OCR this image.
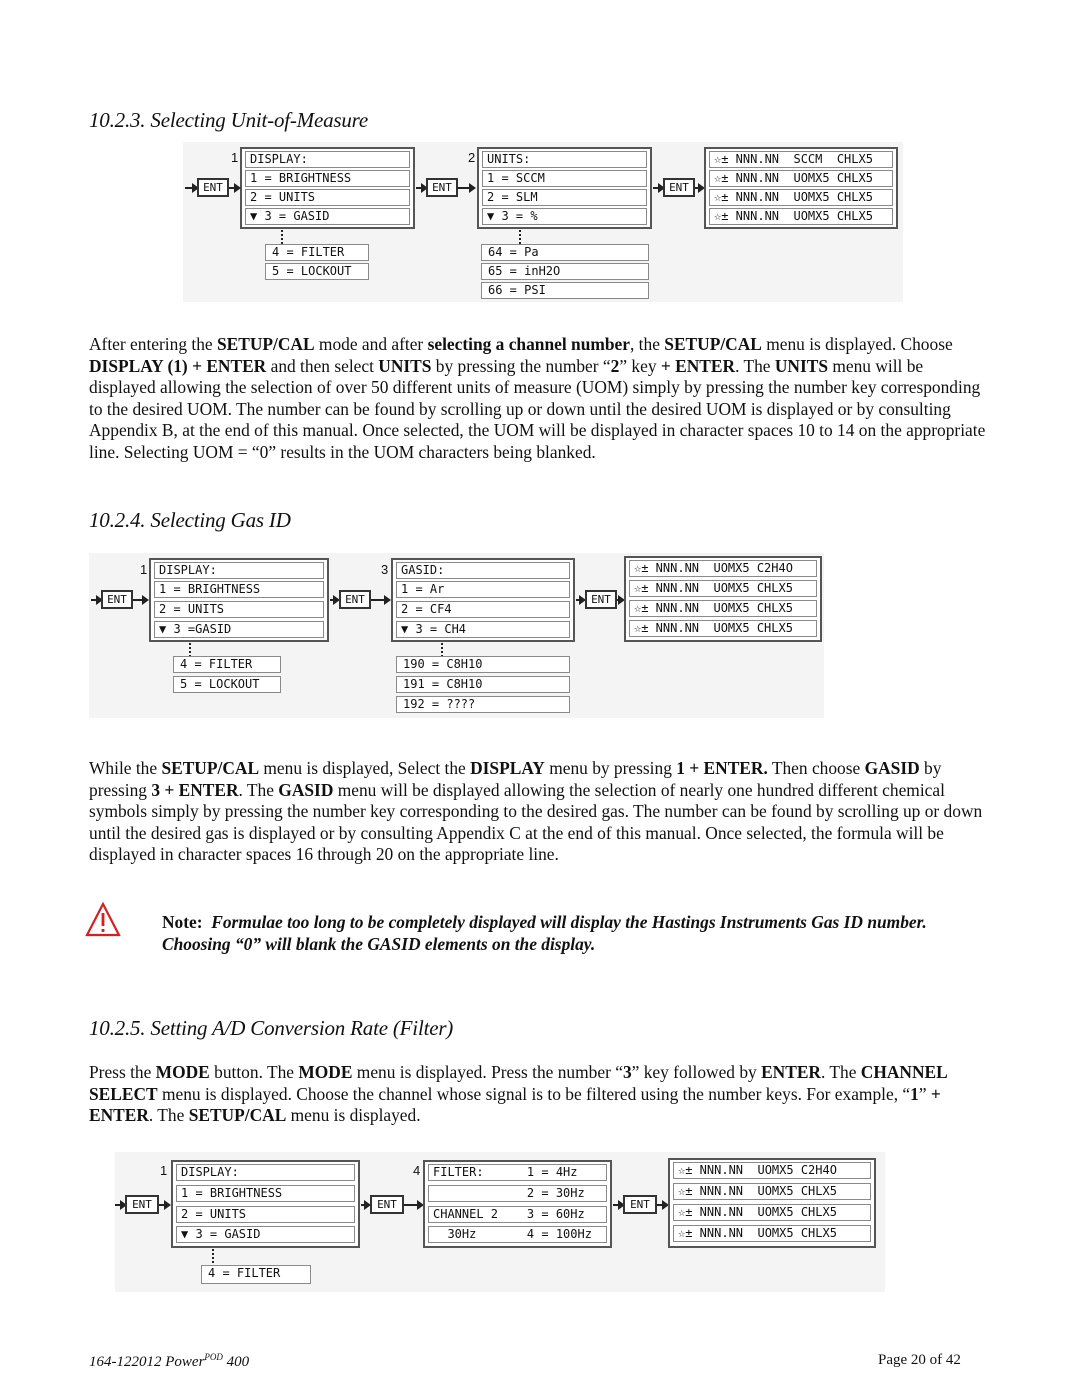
10.2.3. Selecting Unit-of-Measure
1 DISPLAY:
1 = BRIGHTNESS
2 = UNITS
▼ 3 = GASID
ENT
4 = FILTER
5 = LOCKOUT
ENT
2 UNITS:
1 = SCCM
2 = SLM
▼ 3 = %
64 = Pa
65 = inH2O
66 = PSI
ENT
☆± NNN.NN  SCCM  CHLX5
☆± NNN.NN  UOMX5 CHLX5
☆± NNN.NN  UOMX5 CHLX5
☆± NNN.NN  UOMX5 CHLX5

After entering the SETUP/CAL mode and after selecting a channel number, the SETUP/CAL menu is displayed. Choose DISPLAY (1) + ENTER and then select UNITS by pressing the number “2” key + ENTER. The UNITS menu will be displayed allowing the selection of over 50 different units of measure (UOM) simply by pressing the number key corresponding to the desired UOM. The number can be found by scrolling up or down until the desired UOM is displayed or by consulting Appendix B, at the end of this manual. Once selected, the UOM will be displayed in character spaces 10 to 14 on the appropriate line. Selecting UOM = “0” results in the UOM characters being blanked.

10.2.4. Selecting Gas ID
1 DISPLAY:
1 = BRIGHTNESS
2 = UNITS
▼ 3 =GASID
ENT
4 = FILTER
5 = LOCKOUT
ENT
3	GASID:
1 = Ar
2 = CF4
▼ 3 = CH4
190 = C8H10
191 = C8H10
192 = ????
ENT
☆± NNN.NN  UOMX5 C2H4O
☆± NNN.NN  UOMX5 CHLX5
☆± NNN.NN  UOMX5 CHLX5
☆± NNN.NN  UOMX5 CHLX5

While the SETUP/CAL menu is displayed, Select the DISPLAY menu by pressing 1 + ENTER. Then choose GASID by pressing 3 + ENTER. The GASID menu will be displayed allowing the selection of nearly one hundred different chemical symbols simply by pressing the number key corresponding to the desired gas. The number can be found by scrolling up or down until the desired gas is displayed or by consulting Appendix C at the end of this manual. Once selected, the formula will be displayed in character spaces 16 through 20 on the appropriate line.

Note: Formulae too long to be completely displayed will display the Hastings Instruments Gas ID number. Choosing “0” will blank the GASID elements on the display.

10.2.5. Setting A/D Conversion Rate (Filter)

Press the MODE button. The MODE menu is displayed. Press the number “3” key followed by ENTER. The CHANNEL SELECT menu is displayed. Choose the channel whose signal is to be filtered using the number keys. For example, “1” + ENTER. The SETUP/CAL menu is displayed.

1	DISPLAY:
1 = BRIGHTNESS
2 = UNITS
▼ 3 = GASID
ENT
4 = FILTER
ENT
4	FILTER:      1 = 4Hz
2 = 30Hz
CHANNEL 2    3 = 60Hz
30Hz       4 = 100Hz
ENT
☆± NNN.NN  UOMX5 C2H4O
☆± NNN.NN  UOMX5 CHLX5
☆± NNN.NN  UOMX5 CHLX5
☆± NNN.NN  UOMX5 CHLX5
164-122012 Power$^{POD}$ 400	Page 20 of 42
